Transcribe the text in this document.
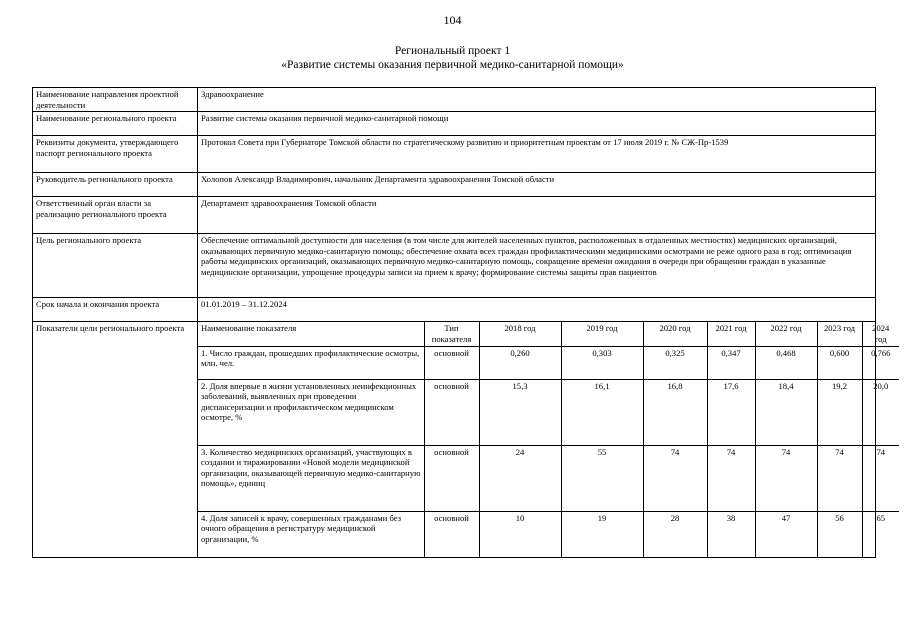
104
Региональный проект 1
«Развитие системы оказания первичной медико-санитарной помощи»
Наименование направления проектной деятельности	Здравоохранение
Наименование регионального проекта	Развитие системы оказания первичной медико-санитарной помощи
Реквизиты документа, утверждающего паспорт регионального проекта	Протокол Совета при Губернаторе Томской области по стратегическому развитию и приоритетным проектам от 17 июля 2019 г. № СЖ-Пр-1539
Руководитель регионального проекта	Холопов Александр Владимирович, начальник Департамента здравоохранения Томской области
Ответственный орган власти за реализацию регионального проекта	Департамент здравоохранения Томской области
Цель регионального проекта	Обеспечение оптимальной доступности для населения (в том числе для жителей населенных пунктов, расположенных в отдаленных местностях) медицинских организаций, оказывающих первичную медико-санитарную помощь; обеспечение охвата всех граждан профилактическими медицинскими осмотрами не реже одного раза в год; оптимизация работы медицинских организаций, оказывающих первичную медико-санитарную помощь, сокращение времени ожидания в очереди при обращении граждан в указанные медицинские организации, упрощение процедуры записи на прием к врачу; формирование системы защиты прав пациентов
Срок начала и окончания проекта	01.01.2019 – 31.12.2024
Показатели цели регионального проекта	Наименование показателя	Тип показателя	2018 год	2019 год	2020 год	2021 год	2022 год	2023 год	2024 год
1. Число граждан, прошедших профилактические осмотры, млн. чел.	основной	0,260	0,303	0,325	0,347	0,468	0,600	0,766
2. Доля впервые в жизни установленных неинфекционных заболеваний, выявленных при проведении диспансеризации и профилактическом медицинском осмотре, %	основной	15,3	16,1	16,8	17,6	18,4	19,2	20,0
3. Количество медицинских организаций, участвующих в создании и тиражировании «Новой модели медицинской организации, оказывающей первичную медико-санитарную помощь», единиц	основной	24	55	74	74	74	74	74
4. Доля записей к врачу, совершенных гражданами без очного обращения в регистратуру медицинской организации, %	основной	10	19	28	38	47	56	65
